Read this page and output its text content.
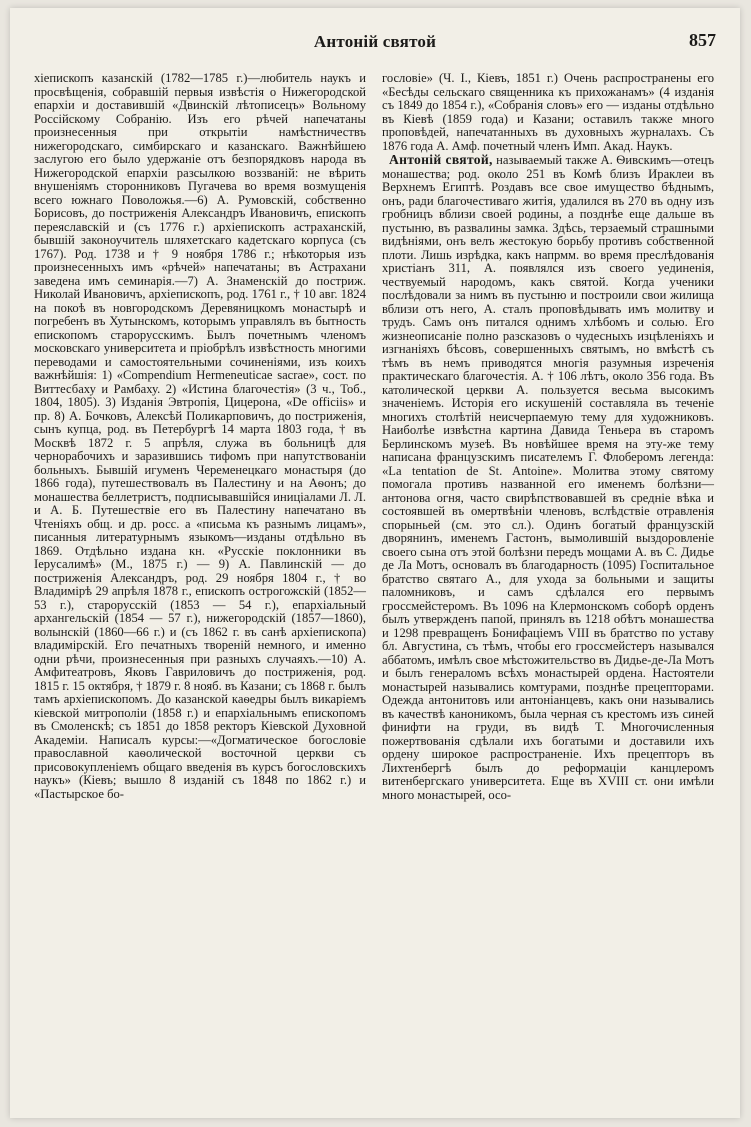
Антоній святой	857

хіепископъ казанскій (1782—1785 г.)—любитель наукъ и просвѣщенія, собравшій первыя извѣстія о Нижегородской епархіи и доставившій «Двинскій лѣтописецъ» Вольному Россійскому Собранію. Изъ его рѣчей напечатаны произнесенныя при открытіи намѣстничествъ нижегородскаго, симбирскаго и казанскаго. Важнѣйшею заслугою его было удержаніе отъ безпорядковъ народа въ Нижегородской епархіи разсылкою воззваній: не вѣрить внушеніямъ сторонниковъ Пугачева во время возмущенія всего южнаго Поволожья.—6) А. Румовскій, собственно Борисовъ, до постриженія Александръ Ивановичъ, епископъ переяславскій и (съ 1776 г.) архіепископъ астраханскій, бывшій законоучитель шляхетскаго кадетскаго корпуса (съ 1767). Род. 1738 и † 9 ноября 1786 г.; нѣкоторыя изъ произнесенныхъ имъ «рѣчей» напечатаны; въ Астрахани заведена имъ семинарія.—7) А. Знаменскій до постриж. Николай Ивановичъ, архіепископъ, род. 1761 г., † 10 авг. 1824 на покоѣ въ новгородскомъ Деревяницкомъ монастырѣ и погребенъ въ Хутынскомъ, которымъ управлялъ въ бытность епископомъ старорусскимъ. Былъ почетнымъ членомъ московскаго университета и пріобрѣлъ извѣстность многими переводами и самостоятельными сочиненіями, изъ коихъ важнѣйшія: 1) «Compendium Hermeneuticae sacrae», сост. по Виттесбаху и Рамбаху. 2) «Истина благочестія» (3 ч., Тоб., 1804, 1805). 3) Изданія Эвтропія, Цицерона, «De officiis» и пр. 8) А. Бочковъ, Алексѣй Поликарповичъ, до постриженія, сынъ купца, род. въ Петербургѣ 14 марта 1803 года, † въ Москвѣ 1872 г. 5 апрѣля, служа въ больницѣ для чернорабочихъ и заразившись тифомъ при напутствованіи больныхъ. Бывшій игуменъ Череменецкаго монастыря (до 1866 года), путешествовалъ въ Палестину и на Аѳонъ; до монашества беллетристъ, подписывавшійся иниціалами Л. Л. и А. Б. Путешествіе его въ Палестину напечатано въ Чтеніяхъ общ. и др. росс. а «письма къ разнымъ лицамъ», писанныя литературнымъ языкомъ—изданы отдѣльно въ 1869. Отдѣльно издана кн. «Русскіе поклонники въ Іерусалимѣ» (М., 1875 г.) — 9) А. Павлинскій — до постриженія Александръ, род. 29 ноября 1804 г., † во Владимірѣ 29 апрѣля 1878 г., епископъ острогожскій (1852—53 г.), старорусскій (1853 — 54 г.), епархіальный архангельскій (1854 — 57 г.), нижегородскій (1857—1860), волынскій (1860—66 г.) и (съ 1862 г. въ санѣ архіепископа) владимірскій. Его печатныхъ твореній немного, и именно одни рѣчи, произнесенныя при разныхъ случаяхъ.—10) А. Амфитеатровъ, Яковъ Гавриловичъ до постриженія, род. 1815 г. 15 октября, † 1879 г. 8 нояб. въ Казани; съ 1868 г. былъ тамъ архіепископомъ. До казанской каѳедры былъ викаріемъ кіевской митрополіи (1858 г.) и епархіальнымъ епископомъ въ Смоленскѣ; съ 1851 до 1858 ректоръ Кіевской Духовной Академіи. Написалъ курсы:—«Догматическое богословіе православной каѳолической восточной церкви съ присовокупленіемъ общаго введенія въ курсъ богословскихъ наукъ» (Кіевъ; вышло 8 изданій съ 1848 по 1862 г.) и «Пастырское бо-

гословіе» (Ч. I., Кіевъ, 1851 г.) Очень распространены его «Бесѣды сельскаго священника къ прихожанамъ» (4 изданія съ 1849 до 1854 г.), «Собранія словъ» его — изданы отдѣльно въ Кіевѣ (1859 года) и Казани; оставилъ также много проповѣдей, напечатанныхъ въ духовныхъ журналахъ. Съ 1876 года А. Амф. почетный членъ Имп. Акад. Наукъ.

Антоній святой, называемый также А. Ѳивскимъ—отецъ монашества; род. около 251 въ Комѣ близъ Ираклеи въ Верхнемъ Египтѣ. Роздавъ все свое имущество бѣднымъ, онъ, ради благочестиваго житія, удалился въ 270 въ одну изъ гробницъ вблизи своей родины, а позднѣе еще дальше въ пустыню, въ развалины замка. Здѣсь, терзаемый страшными видѣніями, онъ велъ жестокую борьбу противъ собственной плоти. Лишь изрѣдка, какъ напрмм. во время преслѣдованія христіанъ 311, А. появлялся изъ своего уединенія, чествуемый народомъ, какъ святой. Когда ученики послѣдовали за нимъ въ пустыню и построили свои жилища вблизи отъ него, А. сталъ проповѣдывать имъ молитву и трудъ. Самъ онъ питался однимъ хлѣбомъ и солью. Его жизнеописаніе полно разсказовъ о чудесныхъ изцѣленіяхъ и изгнаніяхъ бѣсовъ, совершенныхъ святымъ, но вмѣстѣ съ тѣмъ въ немъ приводятся многія разумныя изреченія практическаго благочестія. А. † 106 лѣтъ, около 356 года. Въ католической церкви А. пользуется весьма высокимъ значеніемъ. Исторія его искушеній составляла въ теченіе многихъ столѣтій неисчерпаемую тему для художниковъ. Наиболѣе извѣстна картина Давида Теньера въ старомъ Берлинскомъ музеѣ. Въ новѣйшее время на эту-же тему написана французскимъ писателемъ Г. Флоберомъ легенда: «La tentation de St. Antoine». Молитва этому святому помогала противъ названной его именемъ болѣзни—антонова огня, часто свирѣпствовавшей въ средніе вѣка и состоявшей въ омертвѣніи членовъ, вслѣдствіе отравленія спорыньей (см. это сл.). Одинъ богатый французскій дворянинъ, именемъ Гастонъ, вымолившій выздоровленіе своего сына отъ этой болѣзни передъ мощами А. въ С. Дидье де Ла Мотъ, основалъ въ благодарность (1095) Госпитальное братство святаго А., для ухода за больными и защиты паломниковъ, и самъ сдѣлался его первымъ гроссмейстеромъ. Въ 1096 на Клермонскомъ соборѣ орденъ былъ утвержденъ папой, принялъ въ 1218 обѣтъ монашества и 1298 превращенъ Бонифаціемъ VIII въ братство по уставу бл. Августина, съ тѣмъ, чтобы его гроссмейстеръ назывался аббатомъ, имѣлъ свое мѣстожительство въ Дидье-де-Ла Мотъ и былъ генераломъ всѣхъ монастырей ордена. Настоятели монастырей назывались комтурами, позднѣе прецепторами. Одежда антонитовъ или антоніанцевъ, какъ они назывались въ качествѣ каноникомъ, была черная съ крестомъ изъ синей финифти на груди, въ видѣ Т. Многочисленныя пожертвованія сдѣлали ихъ богатыми и доставили ихъ ордену широкое распространеніе. Ихъ прецепторъ въ Лихтенбергѣ былъ до реформаціи канцлеромъ витенбергскаго университета. Еще въ XVIII ст. они имѣли много монастырей, осо-
